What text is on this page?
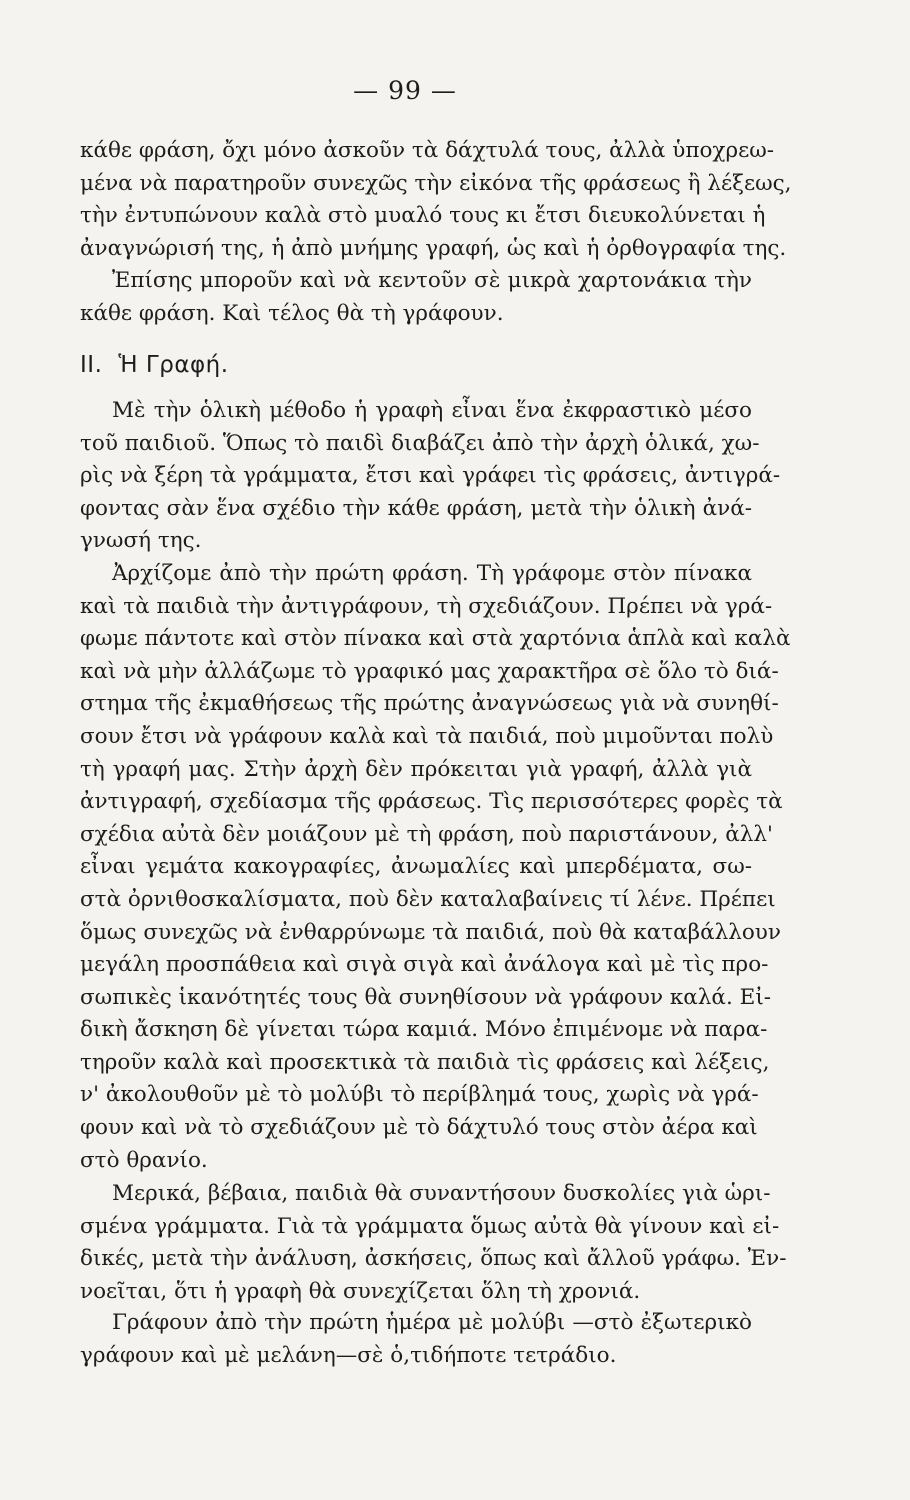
— 99 —
κάθε φράση, ὄχι μόνο ἀσκοῦν τὰ δάχτυλά τους, ἀλλὰ ὑποχρεω-
μένα νὰ παρατηροῦν συνεχῶς τὴν εἰκόνα τῆς φράσεως ἢ λέξεως,
τὴν ἐντυπώνουν καλὰ στὸ μυαλό τους κι ἔτσι διευκολύνεται ἡ
ἀναγνώρισή της, ἡ ἀπὸ μνήμης γραφή, ὡς καὶ ἡ ὀρθογραφία της.
Ἐπίσης μποροῦν καὶ νὰ κεντοῦν σὲ μικρὰ χαρτονάκια τὴν
κάθε φράση. Καὶ τέλος θὰ τὴ γράφουν.
II. Ἡ Γραφή.
Μὲ τὴν ὁλικὴ μέθοδο ἡ γραφὴ εἶναι ἕνα ἐκφραστικὸ μέσο
τοῦ παιδιοῦ. Ὅπως τὸ παιδὶ διαβάζει ἀπὸ τὴν ἀρχὴ ὁλικά, χω-
ρὶς νὰ ξέρη τὰ γράμματα, ἔτσι καὶ γράφει τὶς φράσεις, ἀντιγρά-
φοντας σὰν ἕνα σχέδιο τὴν κάθε φράση, μετὰ τὴν ὁλικὴ ἀνά-
γνωσή της.
Ἀρχίζομε ἀπὸ τὴν πρώτη φράση. Τὴ γράφομε στὸν πίνακα
καὶ τὰ παιδιὰ τὴν ἀντιγράφουν, τὴ σχεδιάζουν. Πρέπει νὰ γρά-
φωμε πάντοτε καὶ στὸν πίνακα καὶ στὰ χαρτόνια ἁπλὰ καὶ καλὰ
καὶ νὰ μὴν ἀλλάζωμε τὸ γραφικό μας χαρακτῆρα σὲ ὅλο τὸ διά-
στημα τῆς ἐκμαθήσεως τῆς πρώτης ἀναγνώσεως γιὰ νὰ συνηθί-
σουν ἔτσι νὰ γράφουν καλὰ καὶ τὰ παιδιά, ποὺ μιμοῦνται πολὺ
τὴ γραφή μας. Στὴν ἀρχὴ δὲν πρόκειται γιὰ γραφή, ἀλλὰ γιὰ
ἀντιγραφή, σχεδίασμα τῆς φράσεως. Τὶς περισσότερες φορὲς τὰ
σχέδια αὐτὰ δὲν μοιάζουν μὲ τὴ φράση, ποὺ παριστάνουν, ἀλλ'
εἶναι γεμάτα κακογραφίες, ἀνωμαλίες καὶ μπερδέματα, σω-
στὰ ὀρνιθοσκαλίσματα, ποὺ δὲν καταλαβαίνεις τί λένε. Πρέπει
ὅμως συνεχῶς νὰ ἐνθαρρύνωμε τὰ παιδιά, ποὺ θὰ καταβάλλουν
μεγάλη προσπάθεια καὶ σιγὰ σιγὰ καὶ ἀνάλογα καὶ μὲ τὶς προ-
σωπικὲς ἱκανότητές τους θὰ συνηθίσουν νὰ γράφουν καλά. Εἰ-
δικὴ ἄσκηση δὲ γίνεται τώρα καμιά. Μόνο ἐπιμένομε νὰ παρα-
τηροῦν καλὰ καὶ προσεκτικὰ τὰ παιδιὰ τὶς φράσεις καὶ λέξεις,
ν' ἀκολουθοῦν μὲ τὸ μολύβι τὸ περίβλημά τους, χωρὶς νὰ γρά-
φουν καὶ νὰ τὸ σχεδιάζουν μὲ τὸ δάχτυλό τους στὸν ἀέρα καὶ
στὸ θρανίο.
Μερικά, βέβαια, παιδιὰ θὰ συναντήσουν δυσκολίες γιὰ ὡρι-
σμένα γράμματα. Γιὰ τὰ γράμματα ὅμως αὐτὰ θὰ γίνουν καὶ εἰ-
δικές, μετὰ τὴν ἀνάλυση, ἀσκήσεις, ὅπως καὶ ἄλλοῦ γράφω. Ἐν-
νοεῖται, ὅτι ἡ γραφὴ θὰ συνεχίζεται ὅλη τὴ χρονιά.
Γράφουν ἀπὸ τὴν πρώτη ἡμέρα μὲ μολύβι —στὸ ἐξωτερικὸ
γράφουν καὶ μὲ μελάνη—σὲ ὁ,τιδήποτε τετράδιο.
